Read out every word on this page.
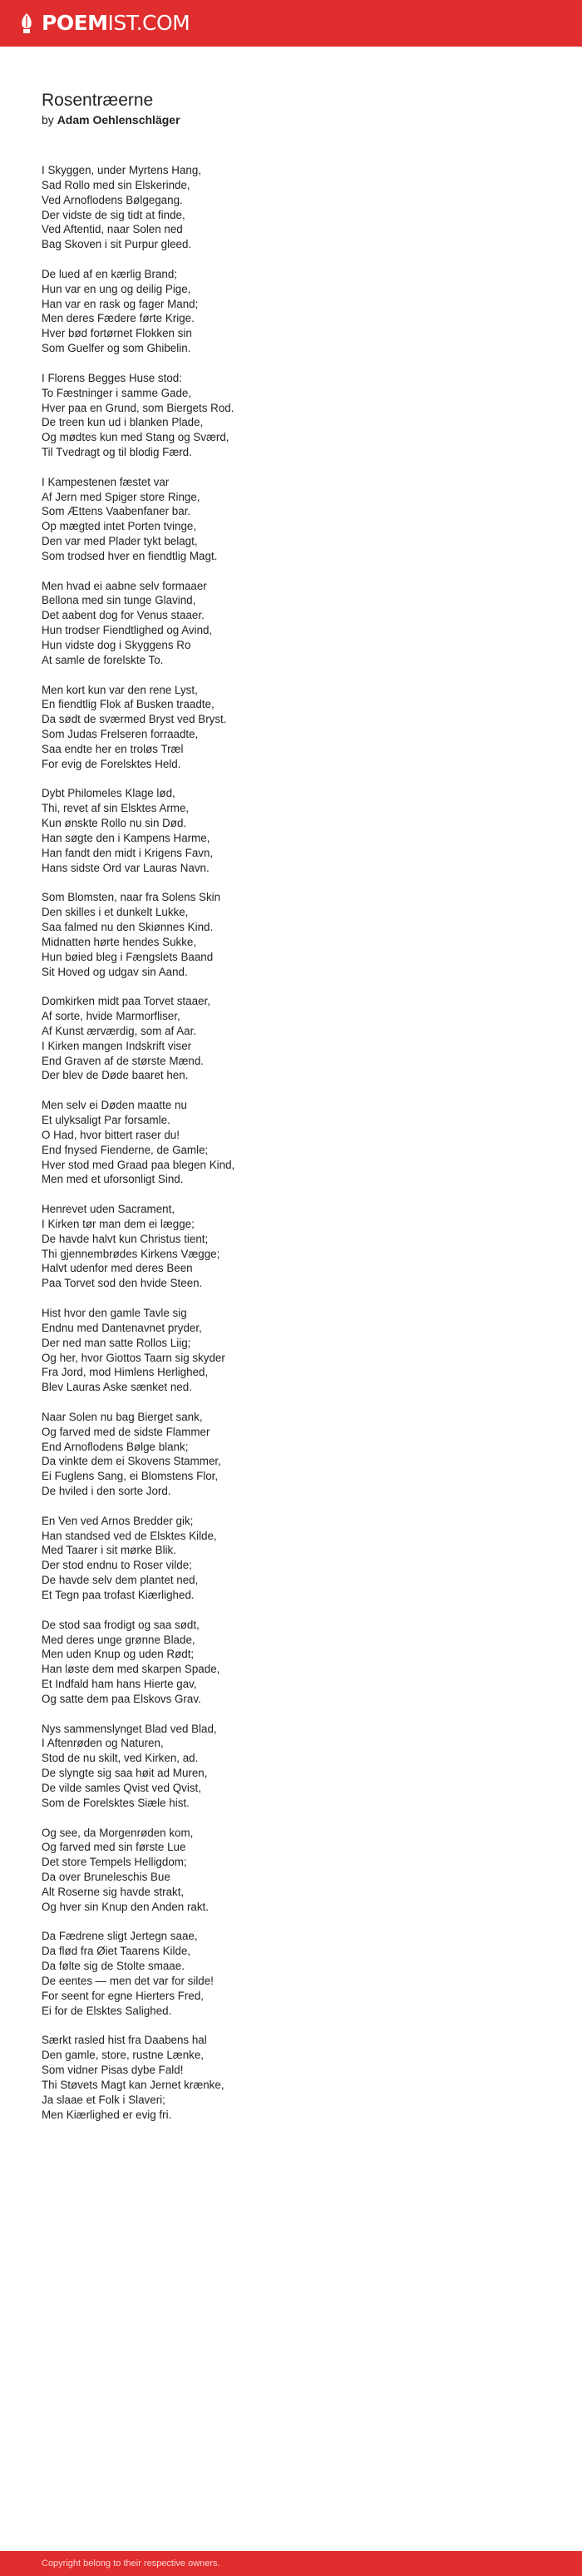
POEMIST.COM
Rosentræerne
by Adam Oehlenschläger

I Skyggen, under Myrtens Hang,
Sad Rollo med sin Elskerinde,
Ved Arnoflodens Bølgegang.
Der vidste de sig tidt at finde,
Ved Aftentid, naar Solen ned
Bag Skoven i sit Purpur gleed.

De lued af en kærlig Brand;
Hun var en ung og deilig Pige,
Han var en rask og fager Mand;
Men deres Fædere førte Krige.
Hver bød fortørnet Flokken sin
Som Guelfer og som Ghibelin.

I Florens Begges Huse stod:
To Fæstninger i samme Gade,
Hver paa en Grund, som Biergets Rod.
De treen kun ud i blanken Plade,
Og mødtes kun med Stang og Sværd,
Til Tvedragt og til blodig Færd.

I Kampestenen fæstet var
Af Jern med Spiger store Ringe,
Som Ættens Vaabenfaner bar.
Op mægted intet Porten tvinge,
Den var med Plader tykt belagt,
Som trodsed hver en fiendtlig Magt.

Men hvad ei aabne selv formaaer
Bellona med sin tunge Glavind,
Det aabent dog for Venus staaer.
Hun trodser Fiendtlighed og Avind,
Hun vidste dog i Skyggens Ro
At samle de forelskte To.

Men kort kun var den rene Lyst,
En fiendtlig Flok af Busken traadte,
Da sødt de sværmed Bryst ved Bryst.
Som Judas Frelseren forraadte,
Saa endte her en troløs Træl
For evig de Forelsktes Held.

Dybt Philomeles Klage lød,
Thi, revet af sin Elsktes Arme,
Kun ønskte Rollo nu sin Død.
Han søgte den i Kampens Harme,
Han fandt den midt i Krigens Favn,
Hans sidste Ord var Lauras Navn.

Som Blomsten, naar fra Solens Skin
Den skilles i et dunkelt Lukke,
Saa falmed nu den Skiønnes Kind.
Midnatten hørte hendes Sukke,
Hun bøied bleg i Fængslets Baand
Sit Hoved og udgav sin Aand.

Domkirken midt paa Torvet staaer,
Af sorte, hvide Marmorfliser,
Af Kunst ærværdig, som af Aar.
I Kirken mangen Indskrift viser
End Graven af de største Mænd.
Der blev de Døde baaret hen.

Men selv ei Døden maatte nu
Et ulyksaligt Par forsamle.
O Had, hvor bittert raser du!
End fnysed Fienderne, de Gamle;
Hver stod med Graad paa blegen Kind,
Men med et uforsonligt Sind.

Henrevet uden Sacrament,
I Kirken tør man dem ei lægge;
De havde halvt kun Christus tient;
Thi gjennembrødes Kirkens Vægge;
Halvt udenfor med deres Been
Paa Torvet sod den hvide Steen.

Hist hvor den gamle Tavle sig
Endnu med Dantenavnet pryder,
Der ned man satte Rollos Liig;
Og her, hvor Giottos Taarn sig skyder
Fra Jord, mod Himlens Herlighed,
Blev Lauras Aske sænket ned.

Naar Solen nu bag Bierget sank,
Og farved med de sidste Flammer
End Arnoflodens Bølge blank;
Da vinkte dem ei Skovens Stammer,
Ei Fuglens Sang, ei Blomstens Flor,
De hviled i den sorte Jord.

En Ven ved Arnos Bredder gik;
Han standsed ved de Elsktes Kilde,
Med Taarer i sit mørke Blik.
Der stod endnu to Roser vilde;
De havde selv dem plantet ned,
Et Tegn paa trofast Kiærlighed.

De stod saa frodigt og saa sødt,
Med deres unge grønne Blade,
Men uden Knup og uden Rødt;
Han løste dem med skarpen Spade,
Et Indfald ham hans Hierte gav,
Og satte dem paa Elskovs Grav.

Nys sammenslynget Blad ved Blad,
I Aftenrøden og Naturen,
Stod de nu skilt, ved Kirken, ad.
De slyngte sig saa høit ad Muren,
De vilde samles Qvist ved Qvist,
Som de Forelsktes Siæle hist.

Og see, da Morgenrøden kom,
Og farved med sin første Lue
Det store Tempels Helligdom;
Da over Bruneleschis Bue
Alt Roserne sig havde strakt,
Og hver sin Knup den Anden rakt.

Da Fædrene sligt Jertegn saae,
Da flød fra Øiet Taarens Kilde,
Da følte sig de Stolte smaae.
De eentes — men det var for silde!
For seent for egne Hierters Fred,
Ei for de Elsktes Salighed.

Særkt rasled hist fra Daabens hal
Den gamle, store, rustne Lænke,
Som vidner Pisas dybe Fald!
Thi Støvets Magt kan Jernet krænke,
Ja slaae et Folk i Slaveri;
Men Kiærlighed er evig fri.

Copyright belong to their respective owners.
